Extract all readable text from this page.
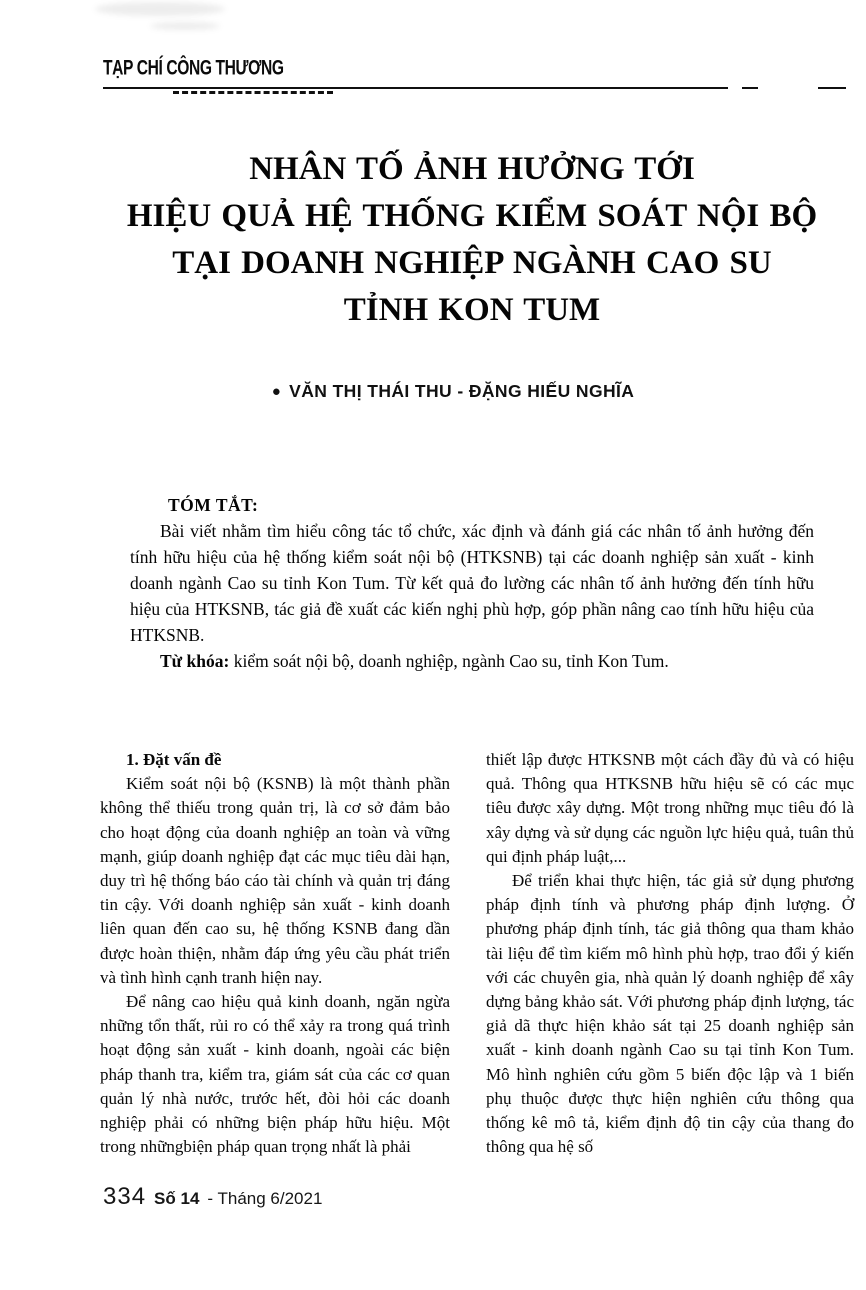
TẠP CHÍ CÔNG THƯƠNG
NHÂN TỐ ẢNH HƯỞNG TỚI
HIỆU QUẢ HỆ THỐNG KIỂM SOÁT NỘI BỘ
TẠI DOANH NGHIỆP NGÀNH CAO SU
TỈNH KON TUM
● VĂN THỊ THÁI THU - ĐẶNG HIẾU NGHĨA

TÓM TẮT:

Bài viết nhằm tìm hiểu công tác tổ chức, xác định và đánh giá các nhân tố ảnh hưởng đến tính hữu hiệu của hệ thống kiểm soát nội bộ (HTKSNB) tại các doanh nghiệp sản xuất - kinh doanh ngành Cao su tỉnh Kon Tum. Từ kết quả đo lường các nhân tố ảnh hưởng đến tính hữu hiệu của HTKSNB, tác giả đề xuất các kiến nghị phù hợp, góp phần nâng cao tính hữu hiệu của HTKSNB.

Từ khóa: kiểm soát nội bộ, doanh nghiệp, ngành Cao su, tỉnh Kon Tum.

1. Đặt vấn đề

Kiểm soát nội bộ (KSNB) là một thành phần không thể thiếu trong quản trị, là cơ sở đảm bảo cho hoạt động của doanh nghiệp an toàn và vững mạnh, giúp doanh nghiệp đạt các mục tiêu dài hạn, duy trì hệ thống báo cáo tài chính và quản trị đáng tin cậy. Với doanh nghiệp sản xuất - kinh doanh liên quan đến cao su, hệ thống KSNB đang dần được hoàn thiện, nhằm đáp ứng yêu cầu phát triển và tình hình cạnh tranh hiện nay.

Để nâng cao hiệu quả kinh doanh, ngăn ngừa những tổn thất, rủi ro có thể xảy ra trong quá trình hoạt động sản xuất - kinh doanh, ngoài các biện pháp thanh tra, kiểm tra, giám sát của các cơ quan quản lý nhà nước, trước hết, đòi hỏi các doanh nghiệp phải có những biện pháp hữu hiệu. Một trong nhữngbiện pháp quan trọng nhất là phải

thiết lập được HTKSNB một cách đầy đủ và có hiệu quả. Thông qua HTKSNB hữu hiệu sẽ có các mục tiêu được xây dựng. Một trong những mục tiêu đó là xây dựng và sử dụng các nguồn lực hiệu quả, tuân thủ qui định pháp luật,...

Để triển khai thực hiện, tác giả sử dụng phương pháp định tính và phương pháp định lượng. Ở phương pháp định tính, tác giả thông qua tham khảo tài liệu để tìm kiếm mô hình phù hợp, trao đổi ý kiến với các chuyên gia, nhà quản lý doanh nghiệp để xây dựng bảng khảo sát. Với phương pháp định lượng, tác giả dã thực hiện khảo sát tại 25 doanh nghiệp sản xuất - kinh doanh ngành Cao su tại tỉnh Kon Tum. Mô hình nghiên cứu gồm 5 biến độc lập và 1 biến phụ thuộc được thực hiện nghiên cứu thông qua thống kê mô tả, kiểm định độ tin cậy của thang đo thông qua hệ số

334 Số 14 - Tháng 6/2021
